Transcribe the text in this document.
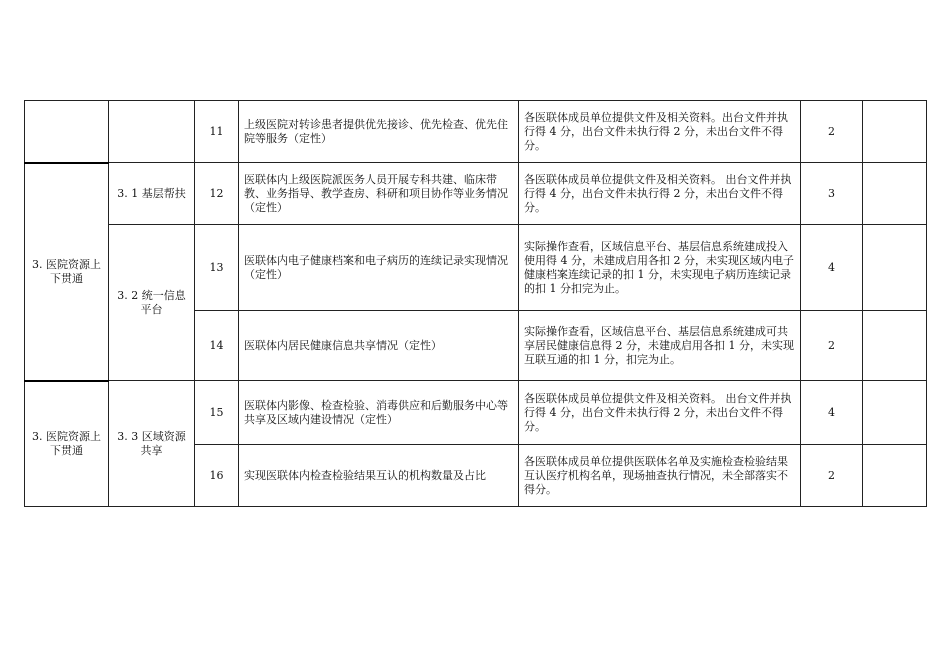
		11	上级医院对转诊患者提供优先接诊、优先检查、优先住院等服务（定性）	各医联体成员单位提供文件及相关资料。出台文件并执行得 4 分，出台文件未执行得 2 分，未出台文件不得分。	2	
3. 医院资源上下贯通	3. 1 基层帮扶	12	医联体内上级医院派医务人员开展专科共建、临床带教、业务指导、教学查房、科研和项目协作等业务情况（定性）	各医联体成员单位提供文件及相关资料。 出台文件并执行得 4 分，出台文件未执行得 2 分，未出台文件不得分。	3	
	3. 2 统一信息平台	13	医联体内电子健康档案和电子病历的连续记录实现情况（定性）	实际操作查看，区域信息平台、基层信息系统建成投入使用得 4 分，未建成启用各扣 2 分，未实现区域内电子健康档案连续记录的扣 1 分，未实现电子病历连续记录的扣 1 分扣完为止。	4	
		14	医联体内居民健康信息共享情况（定性）	实际操作查看，区域信息平台、基层信息系统建成可共享居民健康信息得 2 分，未建成启用各扣 1 分，未实现互联互通的扣 1 分，扣完为止。	2	
3. 医院资源上下贯通	3. 3 区域资源共享	15	医联体内影像、检查检验、消毒供应和后勤服务中心等共享及区域内建设情况（定性）	各医联体成员单位提供文件及相关资料。 出台文件并执行得 4 分，出台文件未执行得 2 分，未出台文件不得分。	4	
		16	实现医联体内检查检验结果互认的机构数量及占比	各医联体成员单位提供医联体名单及实施检查检验结果互认医疗机构名单，现场抽查执行情况，未全部落实不得分。	2	
